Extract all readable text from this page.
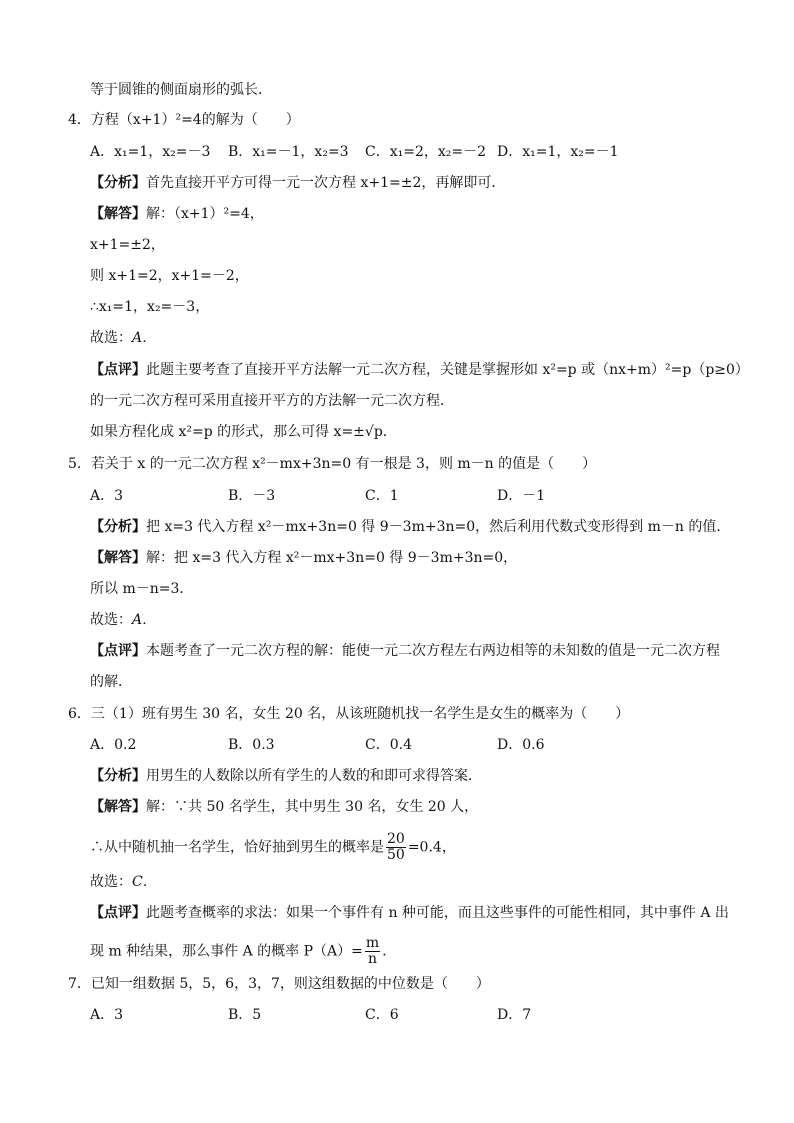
等于圆锥的侧面扇形的弧长．
4．方程（x+1）²=4的解为（　　）
A．x₁=1，x₂=－3 B．x₁=－1，x₂=3 C．x₁=2，x₂=－2 D．x₁=1，x₂=－1
【分析】首先直接开平方可得一元一次方程 x+1=±2，再解即可．
【解答】解：（x+1）²=4，
x+1=±2，
则 x+1=2，x+1=－2，
∴x₁=1，x₂=－3，
故选：A．
【点评】此题主要考查了直接开平方法解一元二次方程，关键是掌握形如 x²=p 或（nx+m）²=p（p≥0）
的一元二次方程可采用直接开平方的方法解一元二次方程．
如果方程化成 x²=p 的形式，那么可得 x=±√p．
5．若关于 x 的一元二次方程 x²－mx+3n=0 有一根是 3，则 m－n 的值是（　　）
A．3	B．－3	C．1	D．－1
【分析】把 x=3 代入方程 x²－mx+3n=0 得 9－3m+3n=0，然后利用代数式变形得到 m－n 的值．
【解答】解：把 x=3 代入方程 x²－mx+3n=0 得 9－3m+3n=0，
所以 m－n=3．
故选：A．
【点评】本题考查了一元二次方程的解：能使一元二次方程左右两边相等的未知数的值是一元二次方程
的解．
6．三（1）班有男生 30 名，女生 20 名，从该班随机找一名学生是女生的概率为（　　）
A．0.2	B．0.3	C．0.4	D．0.6
【分析】用男生的人数除以所有学生的人数的和即可求得答案．
【解答】解：∵共 50 名学生，其中男生 30 名，女生 20 人，
∴从中随机抽一名学生，恰好抽到男生的概率是 $\frac{20}{50} =0.4$，
故选：C．
【点评】此题考查概率的求法：如果一个事件有 n 种可能，而且这些事件的可能性相同，其中事件 A 出
现 m 种结果，那么事件 A 的概率 $P(A)= \frac{m}{n}$ ．
7．已知一组数据 5，5，6，3，7，则这组数据的中位数是（　　）
A．3	B．5	C．6	D．7
